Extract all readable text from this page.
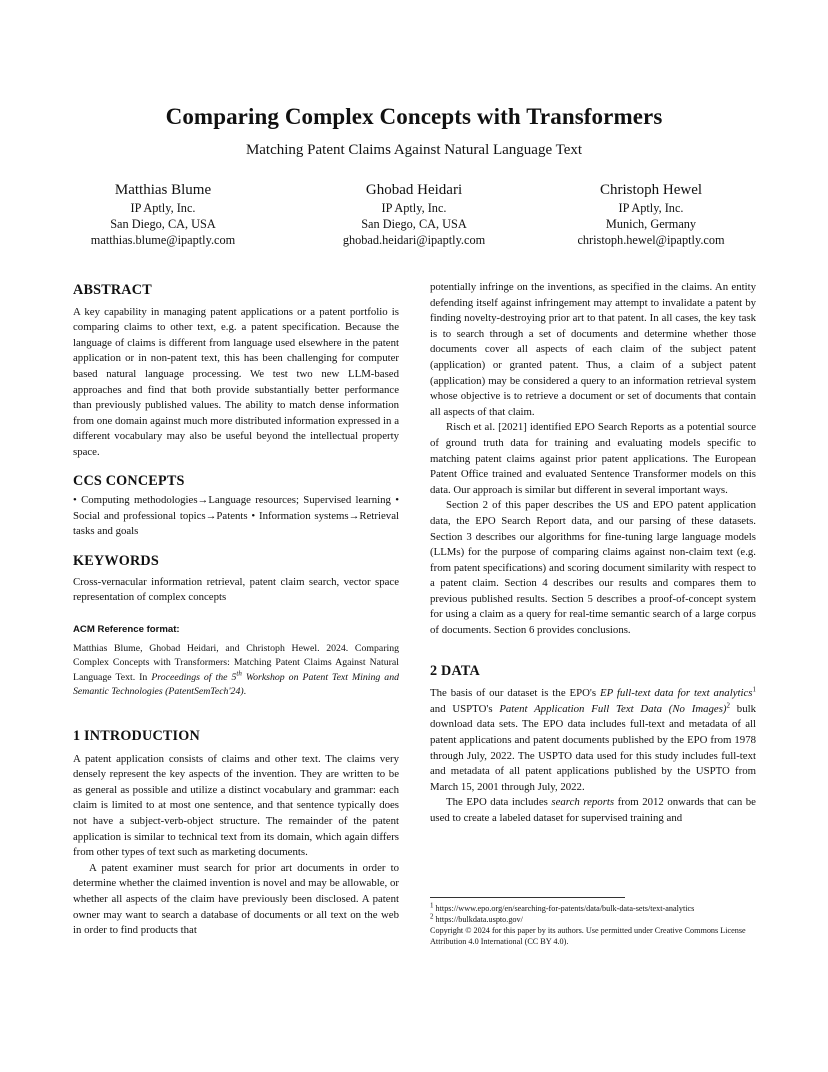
Comparing Complex Concepts with Transformers
Matching Patent Claims Against Natural Language Text
Matthias Blume
IP Aptly, Inc.
San Diego, CA, USA
matthias.blume@ipaptly.com
Ghobad Heidari
IP Aptly, Inc.
San Diego, CA, USA
ghobad.heidari@ipaptly.com
Christoph Hewel
IP Aptly, Inc.
Munich, Germany
christoph.hewel@ipaptly.com
ABSTRACT

A key capability in managing patent applications or a patent portfolio is comparing claims to other text, e.g. a patent specification. Because the language of claims is different from language used elsewhere in the patent application or in non-patent text, this has been challenging for computer based natural language processing. We test two new LLM-based approaches and find that both provide substantially better performance than previously published values. The ability to match dense information from one domain against much more distributed information expressed in a different vocabulary may also be useful beyond the intellectual property space.

CCS CONCEPTS

• Computing methodologies→Language resources; Supervised learning • Social and professional topics→Patents • Information systems→Retrieval tasks and goals

KEYWORDS

Cross-vernacular information retrieval, patent claim search, vector space representation of complex concepts

ACM Reference format:

Matthias Blume, Ghobad Heidari, and Christoph Hewel. 2024. Comparing Complex Concepts with Transformers: Matching Patent Claims Against Natural Language Text. In Proceedings of the 5th Workshop on Patent Text Mining and Semantic Technologies (PatentSemTech'24).

1 INTRODUCTION

A patent application consists of claims and other text. The claims very densely represent the key aspects of the invention. They are written to be as general as possible and utilize a distinct vocabulary and grammar: each claim is limited to at most one sentence, and that sentence typically does not have a subject-verb-object structure. The remainder of the patent application is similar to technical text from its domain, which again differs from other types of text such as marketing documents.

A patent examiner must search for prior art documents in order to determine whether the claimed invention is novel and may be allowable, or whether all aspects of the claim have previously been disclosed. A patent owner may want to search a database of documents or all text on the web in order to find products that

potentially infringe on the inventions, as specified in the claims. An entity defending itself against infringement may attempt to invalidate a patent by finding novelty-destroying prior art to that patent. In all cases, the key task is to search through a set of documents and determine whether those documents cover all aspects of each claim of the subject patent (application) or granted patent. Thus, a claim of a subject patent (application) may be considered a query to an information retrieval system whose objective is to retrieve a document or set of documents that contain all aspects of that claim.

Risch et al. [2021] identified EPO Search Reports as a potential source of ground truth data for training and evaluating models specific to matching patent claims against prior patent applications. The European Patent Office trained and evaluated Sentence Transformer models on this data. Our approach is similar but different in several important ways.

Section 2 of this paper describes the US and EPO patent application data, the EPO Search Report data, and our parsing of these datasets. Section 3 describes our algorithms for fine-tuning large language models (LLMs) for the purpose of comparing claims against non-claim text (e.g. from patent specifications) and scoring document similarity with respect to a patent claim. Section 4 describes our results and compares them to previous published results. Section 5 describes a proof-of-concept system for using a claim as a query for real-time semantic search of a large corpus of documents. Section 6 provides conclusions.

2 DATA

The basis of our dataset is the EPO's EP full-text data for text analytics$^1$ and USPTO's Patent Application Full Text Data (No Images)$^2$ bulk download data sets. The EPO data includes full-text and metadata of all patent applications and patent documents published by the EPO from 1978 through July, 2022. The USPTO data used for this study includes full-text and metadata of all patent applications published by the USPTO from March 15, 2001 through July, 2022.

The EPO data includes search reports from 2012 onwards that can be used to create a labeled dataset for supervised training and

$^1$ https://www.epo.org/en/searching-for-patents/data/bulk-data-sets/text-analytics
$^2$ https://bulkdata.uspto.gov/
Copyright © 2024 for this paper by its authors. Use permitted under Creative Commons License Attribution 4.0 International (CC BY 4.0).
